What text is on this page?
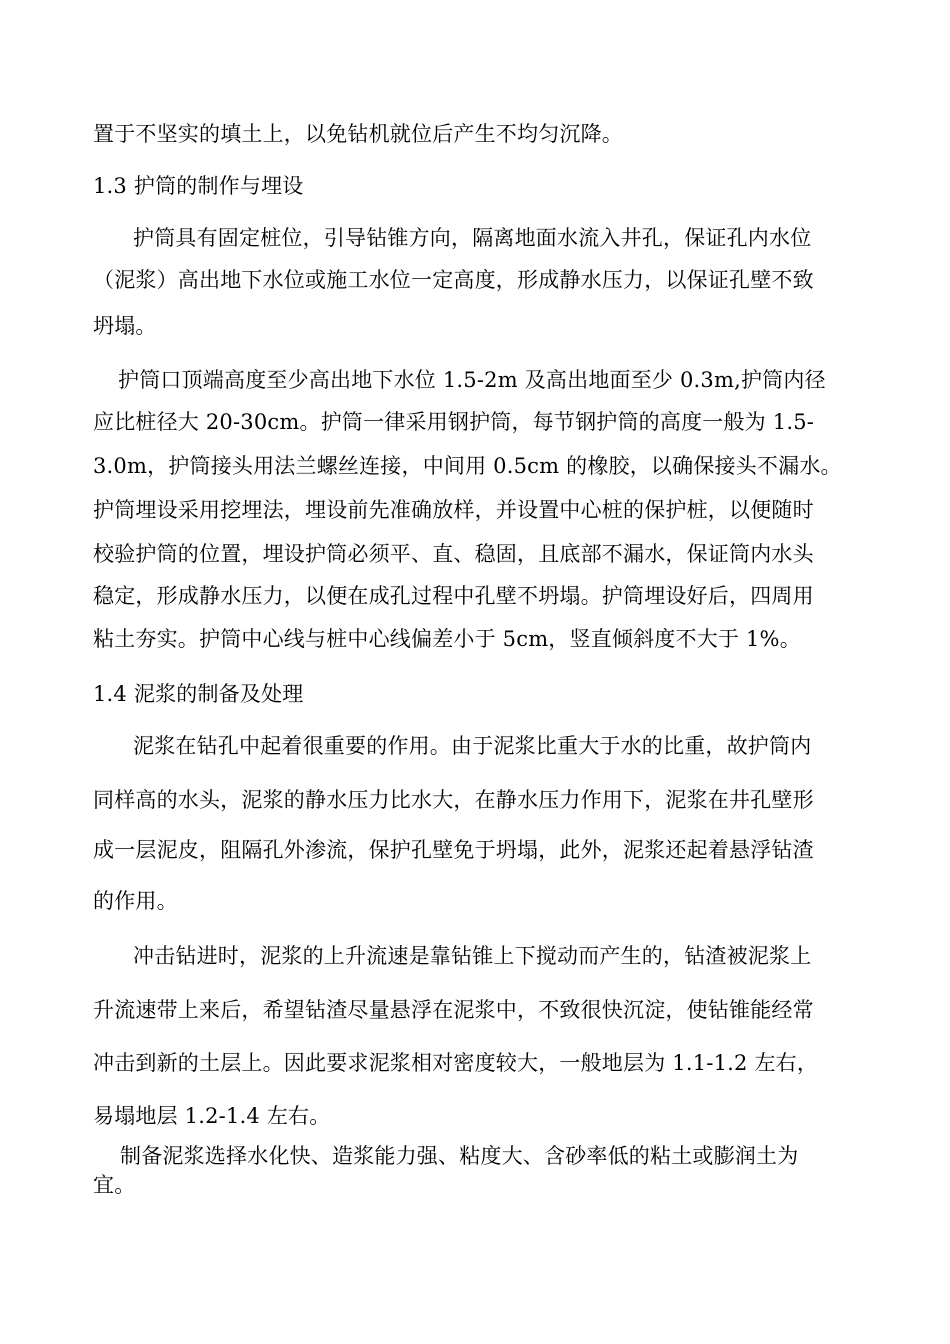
置于不坚实的填土上，以免钻机就位后产生不均匀沉降。
1.3 护筒的制作与埋设
护筒具有固定桩位，引导钻锥方向，隔离地面水流入井孔，保证孔内水位
（泥浆）高出地下水位或施工水位一定高度，形成静水压力，以保证孔壁不致
坍塌。
护筒口顶端高度至少高出地下水位 1.5-2m 及高出地面至少 0.3m,护筒内径
应比桩径大 20-30cm。护筒一律采用钢护筒，每节钢护筒的高度一般为 1.5-
3.0m，护筒接头用法兰螺丝连接，中间用 0.5cm 的橡胶，以确保接头不漏水。
护筒埋设采用挖埋法，埋设前先准确放样，并设置中心桩的保护桩，以便随时
校验护筒的位置，埋设护筒必须平、直、稳固，且底部不漏水，保证筒内水头
稳定，形成静水压力，以便在成孔过程中孔壁不坍塌。护筒埋设好后，四周用
粘土夯实。护筒中心线与桩中心线偏差小于 5cm，竖直倾斜度不大于 1%。
1.4 泥浆的制备及处理
泥浆在钻孔中起着很重要的作用。由于泥浆比重大于水的比重，故护筒内
同样高的水头，泥浆的静水压力比水大，在静水压力作用下，泥浆在井孔壁形
成一层泥皮，阻隔孔外渗流，保护孔壁免于坍塌，此外，泥浆还起着悬浮钻渣
的作用。
冲击钻进时，泥浆的上升流速是靠钻锥上下搅动而产生的，钻渣被泥浆上
升流速带上来后，希望钻渣尽量悬浮在泥浆中，不致很快沉淀，使钻锥能经常
冲击到新的土层上。因此要求泥浆相对密度较大，一般地层为 1.1-1.2 左右，
易塌地层 1.2-1.4 左右。
制备泥浆选择水化快、造浆能力强、粘度大、含砂率低的粘土或膨润土为
宜。
